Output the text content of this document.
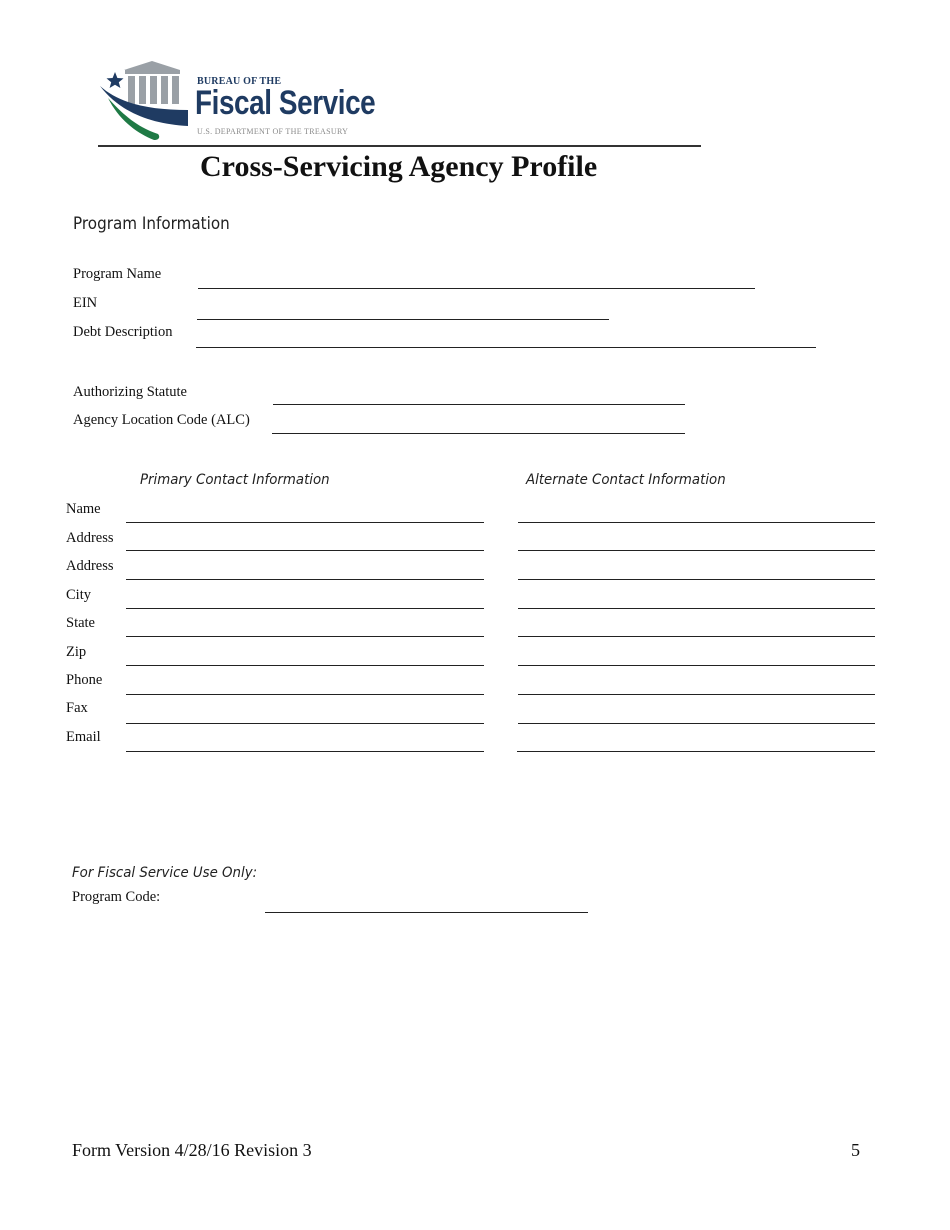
BUREAU OF THE
Fiscal Service
U.S. DEPARTMENT OF THE TREASURY
Cross-Servicing Agency Profile
Program Information
Program Name
EIN
Debt Description
Authorizing Statute
Agency Location Code (ALC)
Primary Contact Information	Alternate Contact Information
Name
Address
Address
City
State
Zip
Phone
Fax
Email
For Fiscal Service Use Only:
Program Code:
Form Version 4/28/16 Revision 3	5
